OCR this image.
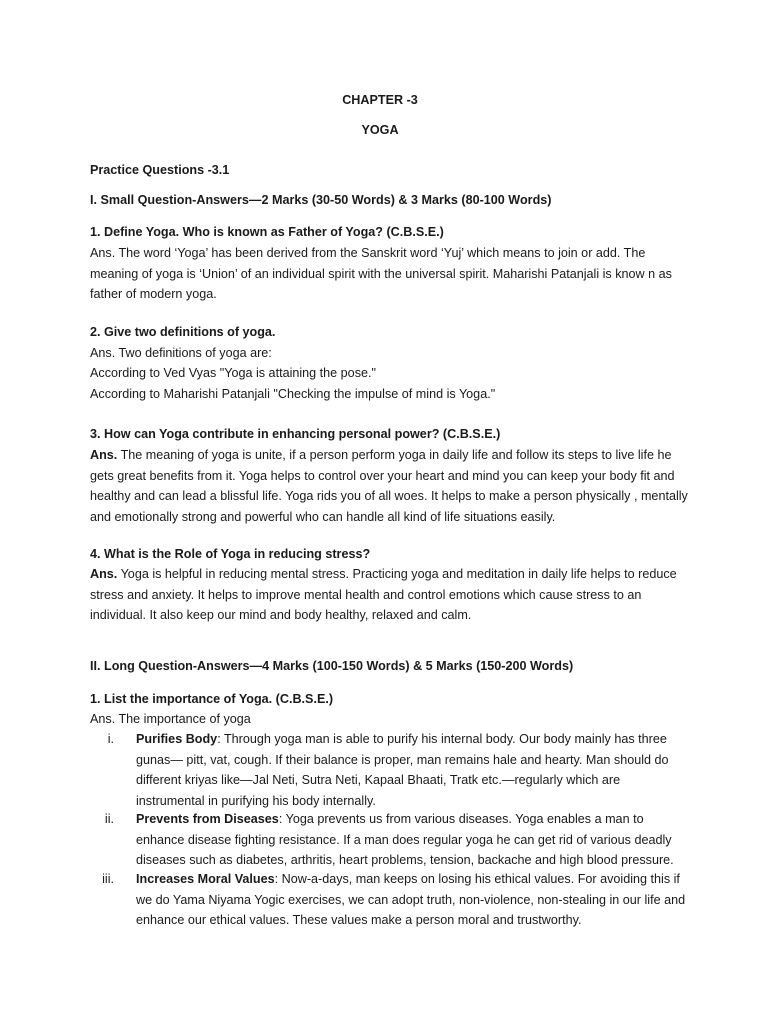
CHAPTER -3
YOGA
Practice Questions -3.1
I. Small Question-Answers—2 Marks (30-50 Words) & 3 Marks (80-100 Words)
1. Define Yoga. Who is known as Father of Yoga? (C.B.S.E.)
Ans. The word ‘Yoga’ has been derived from the Sanskrit word ‘Yuj’ which means to join or add. The meaning of yoga is ‘Union’ of an individual spirit with the universal spirit. Maharishi Patanjali is know n as father of modern yoga.
2. Give two definitions of yoga.
Ans. Two definitions of yoga are:
According to Ved Vyas "Yoga is attaining the pose."
According to Maharishi Patanjali "Checking the impulse of mind is Yoga."
3. How can Yoga contribute in enhancing personal power? (C.B.S.E.)
Ans. The meaning of yoga is unite, if a person perform yoga in daily life and follow its steps to live life he gets great benefits from it. Yoga helps to control over your heart and mind you can keep your body fit and healthy and can lead a blissful life. Yoga rids you of all woes. It helps to make a person physically , mentally and emotionally strong and powerful who can handle all kind of life situations easily.
4. What is the Role of Yoga in reducing stress?
Ans. Yoga is helpful in reducing mental stress. Practicing yoga and meditation in daily life helps to reduce stress and anxiety. It helps to improve mental health and control emotions which cause stress to an individual. It also keep our mind and body healthy, relaxed and calm.
II. Long Question-Answers—4 Marks (100-150 Words) & 5 Marks (150-200 Words)
1. List the importance of Yoga. (C.B.S.E.)
Ans. The importance of yoga
i. Purifies Body: Through yoga man is able to purify his internal body. Our body mainly has three gunas— pitt, vat, cough. If their balance is proper, man remains hale and hearty. Man should do different kriyas like—Jal Neti, Sutra Neti, Kapaal Bhaati, Tratk etc.—regularly which are instrumental in purifying his body internally.
ii. Prevents from Diseases: Yoga prevents us from various diseases. Yoga enables a man to enhance disease fighting resistance. If a man does regular yoga he can get rid of various deadly diseases such as diabetes, arthritis, heart problems, tension, backache and high blood pressure.
iii. Increases Moral Values: Now-a-days, man keeps on losing his ethical values. For avoiding this if we do Yama Niyama Yogic exercises, we can adopt truth, non-violence, non-stealing in our life and enhance our ethical values. These values make a person moral and trustworthy.
